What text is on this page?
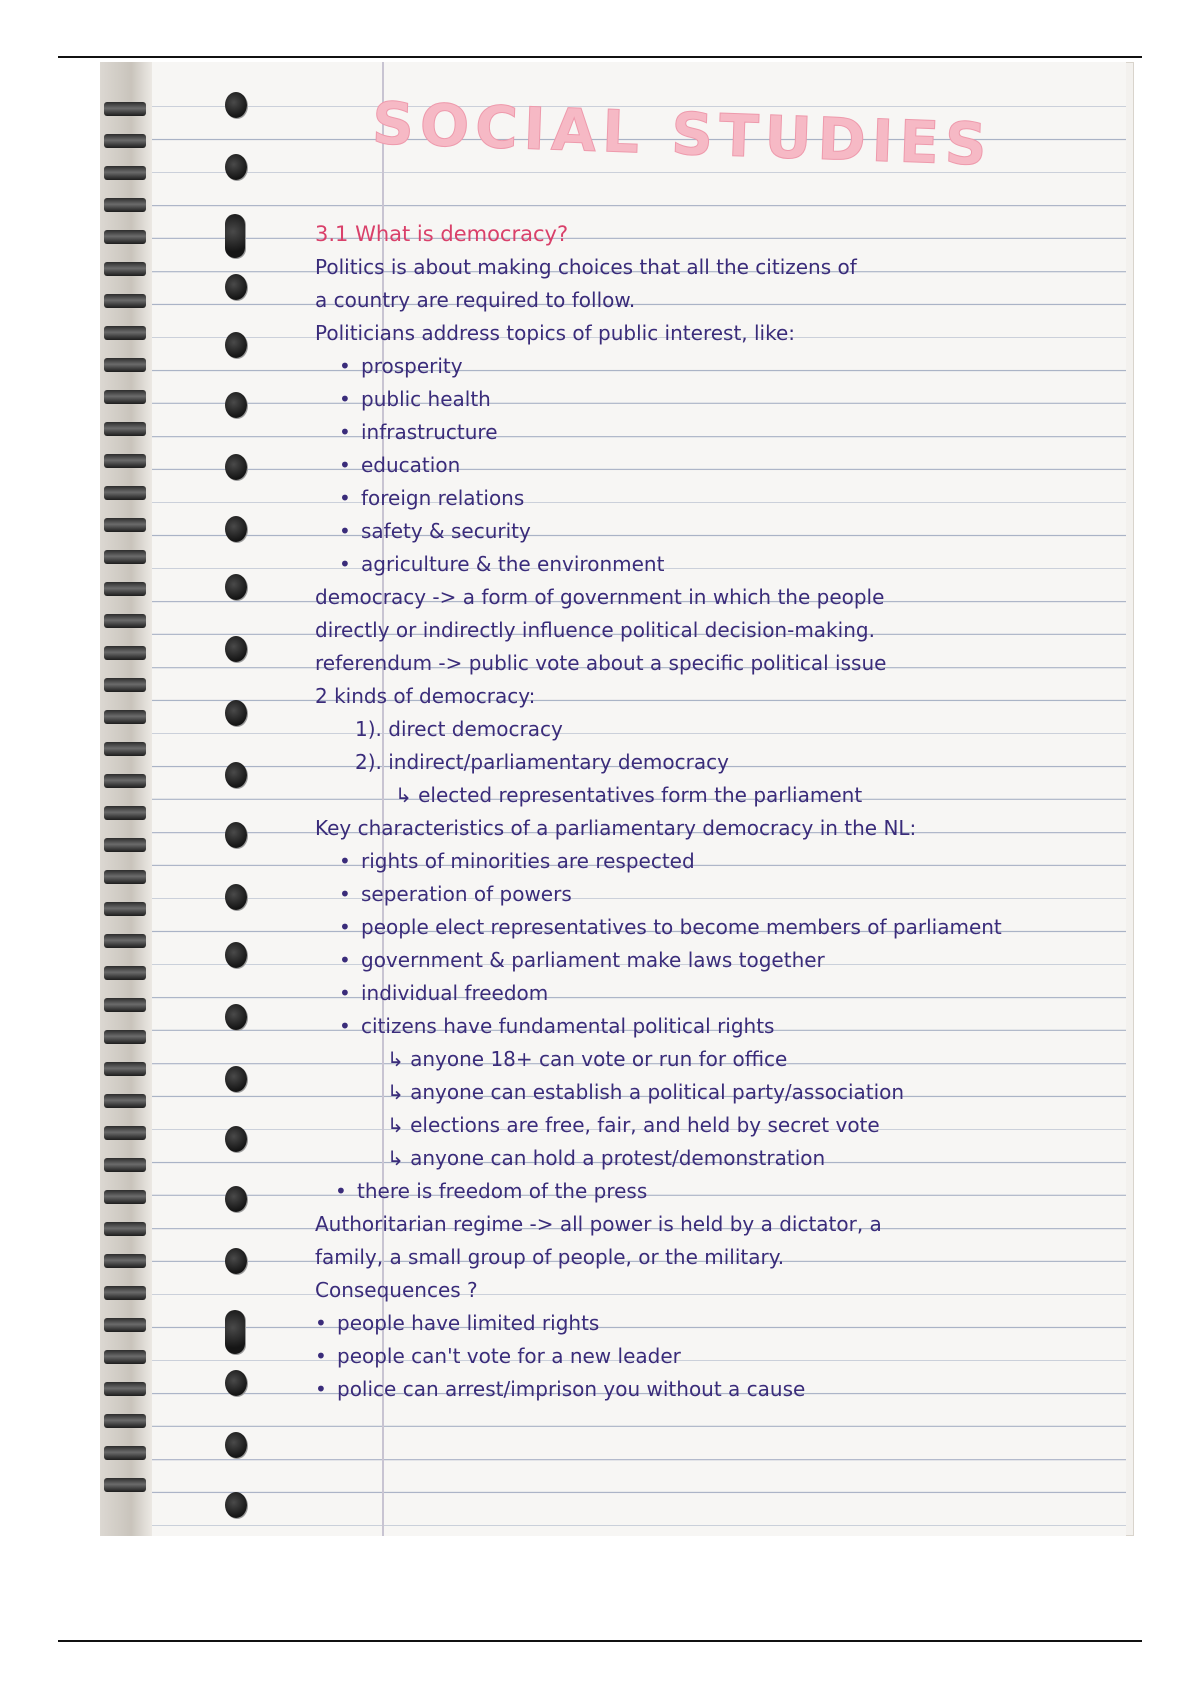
SOCIAL STUDIES
3.1 What is democracy?
Politics is about making choices that all the citizens of
a country are required to follow.
Politicians address topics of public interest, like:
• prosperity
• public health
• infrastructure
• education
• foreign relations
• safety & security
• agriculture & the environment
democracy -> a form of government in which the people
directly or indirectly influence political decision-making.
referendum -> public vote about a specific political issue
2 kinds of democracy:
1). direct democracy
2). indirect/parliamentary democracy
↳ elected representatives form the parliament
Key characteristics of a parliamentary democracy in the NL:
• rights of minorities are respected
• seperation of powers
• people elect representatives to become members of parliament
• government & parliament make laws together
• individual freedom
• citizens have fundamental political rights
↳ anyone 18+ can vote or run for office
↳ anyone can establish a political party/association
↳ elections are free, fair, and held by secret vote
↳ anyone can hold a protest/demonstration
• there is freedom of the press
Authoritarian regime -> all power is held by a dictator, a
family, a small group of people, or the military.
Consequences ?
• people have limited rights
• people can't vote for a new leader
• police can arrest/imprison you without a cause
